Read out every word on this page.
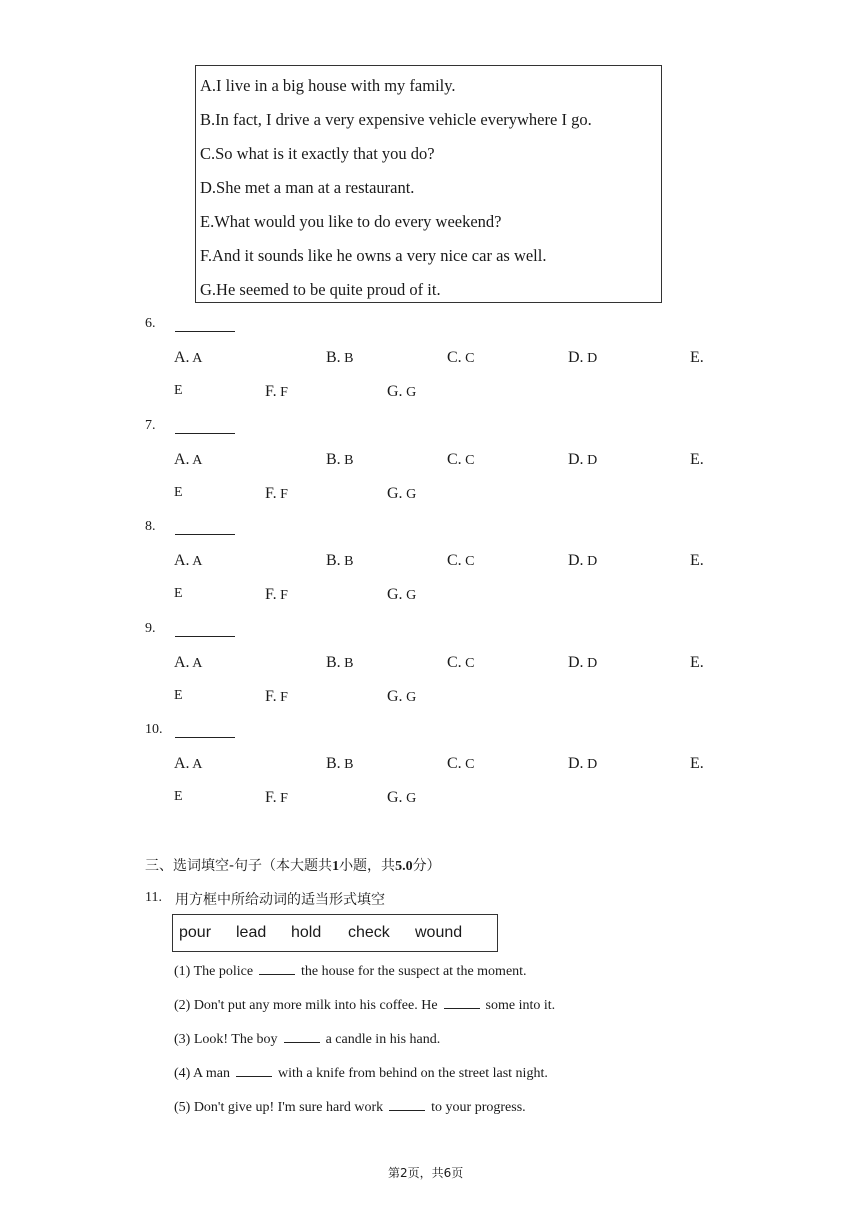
A.I live in a big house with my family.
B.In fact, I drive a very expensive vehicle everywhere I go.
C.So what is it exactly that you do?
D.She met a man at a restaurant.
E.What would you like to do every weekend?
F.And it sounds like he owns a very nice car as well.
G.He seemed to be quite proud of it.
6.
A. A	B. B	C. C	D. D	E.
E	F. F	G. G
7.
A. A	B. B	C. C	D. D	E.
E	F. F	G. G
8.
A. A	B. B	C. C	D. D	E.
E	F. F	G. G
9.
A. A	B. B	C. C	D. D	E.
E	F. F	G. G
10.
A. A	B. B	C. C	D. D	E.
E	F. F	G. G
三、选词填空-句子（本大题共1小题，共5.0分）
11. 用方框中所给动词的适当形式填空
pour lead hold check wound
(1) The police	the house for the suspect at the moment.
(2) Don't put any more milk into his coffee. He	some into it.
(3) Look! The boy	a candle in his hand.
(4) A man	with a knife from behind on the street last night.
(5) Don't give up! I'm sure hard work	to your progress.
第2页，共6页
